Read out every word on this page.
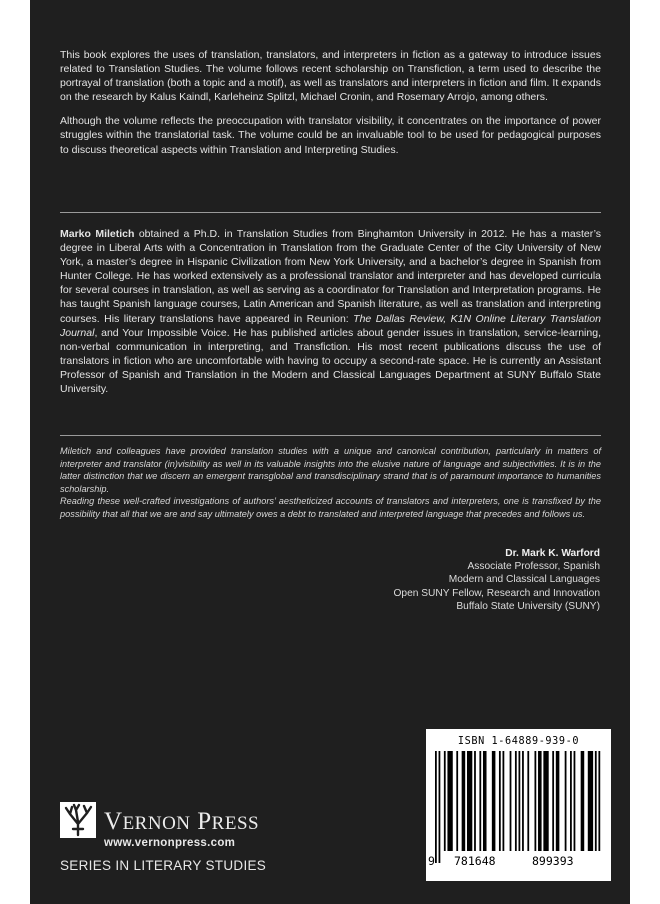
This book explores the uses of translation, translators, and interpreters in fiction as a gateway to introduce issues related to Translation Studies. The volume follows recent scholarship on Transfiction, a term used to describe the portrayal of translation (both a topic and a motif), as well as translators and interpreters in fiction and film. It expands on the research by Kalus Kaindl, Karleheinz Splitzl, Michael Cronin, and Rosemary Arrojo, among others.

Although the volume reflects the preoccupation with translator visibility, it concentrates on the importance of power struggles within the translatorial task. The volume could be an invaluable tool to be used for pedagogical purposes to discuss theoretical aspects within Translation and Interpreting Studies.

Marko Miletich obtained a Ph.D. in Translation Studies from Binghamton University in 2012. He has a master’s degree in Liberal Arts with a Concentration in Translation from the Graduate Center of the City University of New York, a master’s degree in Hispanic Civilization from New York University, and a bachelor’s degree in Spanish from Hunter College. He has worked extensively as a professional translator and interpreter and has developed curricula for several courses in translation, as well as serving as a coordinator for Translation and Interpretation programs. He has taught Spanish language courses, Latin American and Spanish literature, as well as translation and interpreting courses. His literary translations have appeared in Reunion: The Dallas Review, K1N Online Literary Translation Journal, and Your Impossible Voice. He has published articles about gender issues in translation, service-learning, non-verbal communication in interpreting, and Transfiction. His most recent publications discuss the use of translators in fiction who are uncomfortable with having to occupy a second-rate space. He is currently an Assistant Professor of Spanish and Translation in the Modern and Classical Languages Department at SUNY Buffalo State University.

Miletich and colleagues have provided translation studies with a unique and canonical contribution, particularly in matters of interpreter and translator (in)visibility as well in its valuable insights into the elusive nature of language and subjectivities. It is in the latter distinction that we discern an emergent transglobal and transdisciplinary strand that is of paramount importance to humanities scholarship.

Reading these well-crafted investigations of authors’ aestheticized accounts of translators and interpreters, one is transfixed by the possibility that all that we are and say ultimately owes a debt to translated and interpreted language that precedes and follows us.

Dr. Mark K. Warford
Associate Professor, Spanish
Modern and Classical Languages
Open SUNY Fellow, Research and Innovation
Buffalo State University (SUNY)
VERNON PRESS
www.vernonpress.com
SERIES IN LITERARY STUDIES
ISBN 1-64889-939-0
9 781648	899393
